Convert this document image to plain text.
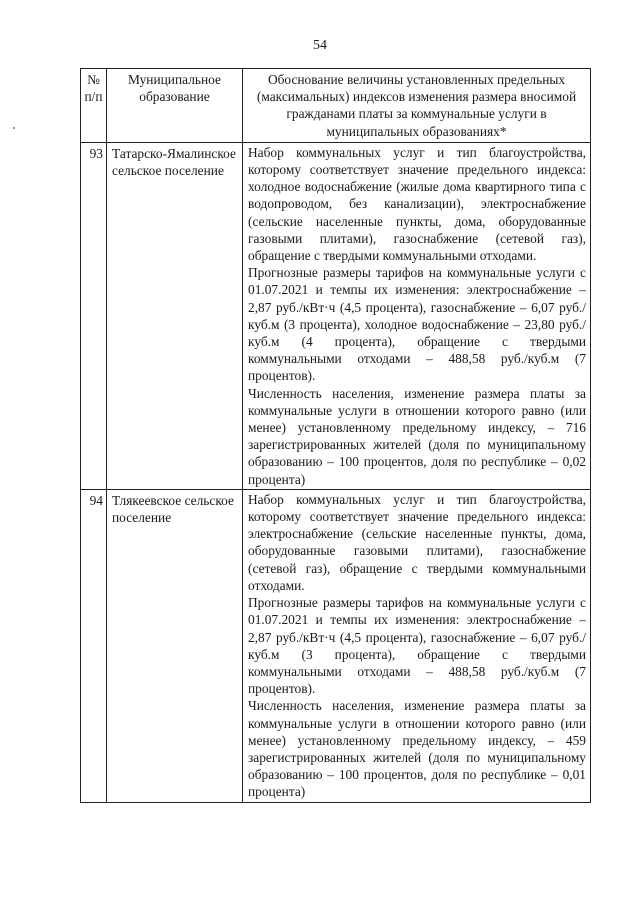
54
№ п/п	Муниципальное образование	Обоснование величины установленных предельных (максимальных) индексов изменения размера вносимой гражданами платы за коммунальные услуги в муниципальных образованиях*
93	Татарско-Ямалинское сельское поселение	Набор коммунальных услуг и тип благоустройства, которому соответствует значение предельного индекса: холодное водоснабжение (жилые дома квартирного типа с водопроводом, без канализации), электроснабжение (сельские населенные пункты, дома, оборудованные газовыми плитами), газоснабжение (сетевой газ), обращение с твердыми коммунальными отходами.

Прогнозные размеры тарифов на коммунальные услуги с 01.07.2021 и темпы их изменения: электроснабжение – 2,87 руб./кВт·ч (4,5 процента), газоснабжение – 6,07 руб./куб.м (3 процента), холодное водоснабжение – 23,80 руб./куб.м (4 процента), обращение с твердыми коммунальными отходами – 488,58 руб./куб.м (7 процентов).

Численность населения, изменение размера платы за коммунальные услуги в отношении которого равно (или менее) установленному предельному индексу, – 716 зарегистрированных жителей (доля по муниципальному образованию – 100 процентов, доля по республике – 0,02 процента)

94	Тлякеевское сельское поселение	Набор коммунальных услуг и тип благоустройства, которому соответствует значение предельного индекса: электроснабжение (сельские населенные пункты, дома, оборудованные газовыми плитами), газоснабжение (сетевой газ), обращение с твердыми коммунальными отходами.

Прогнозные размеры тарифов на коммунальные услуги с 01.07.2021 и темпы их изменения: электроснабжение – 2,87 руб./кВт·ч (4,5 процента), газоснабжение – 6,07 руб./куб.м (3 процента), обращение с твердыми коммунальными отходами – 488,58 руб./куб.м (7 процентов).

Численность населения, изменение размера платы за коммунальные услуги в отношении которого равно (или менее) установленному предельному индексу, – 459 зарегистрированных жителей (доля по муниципальному образованию – 100 процентов, доля по республике – 0,01 процента)
